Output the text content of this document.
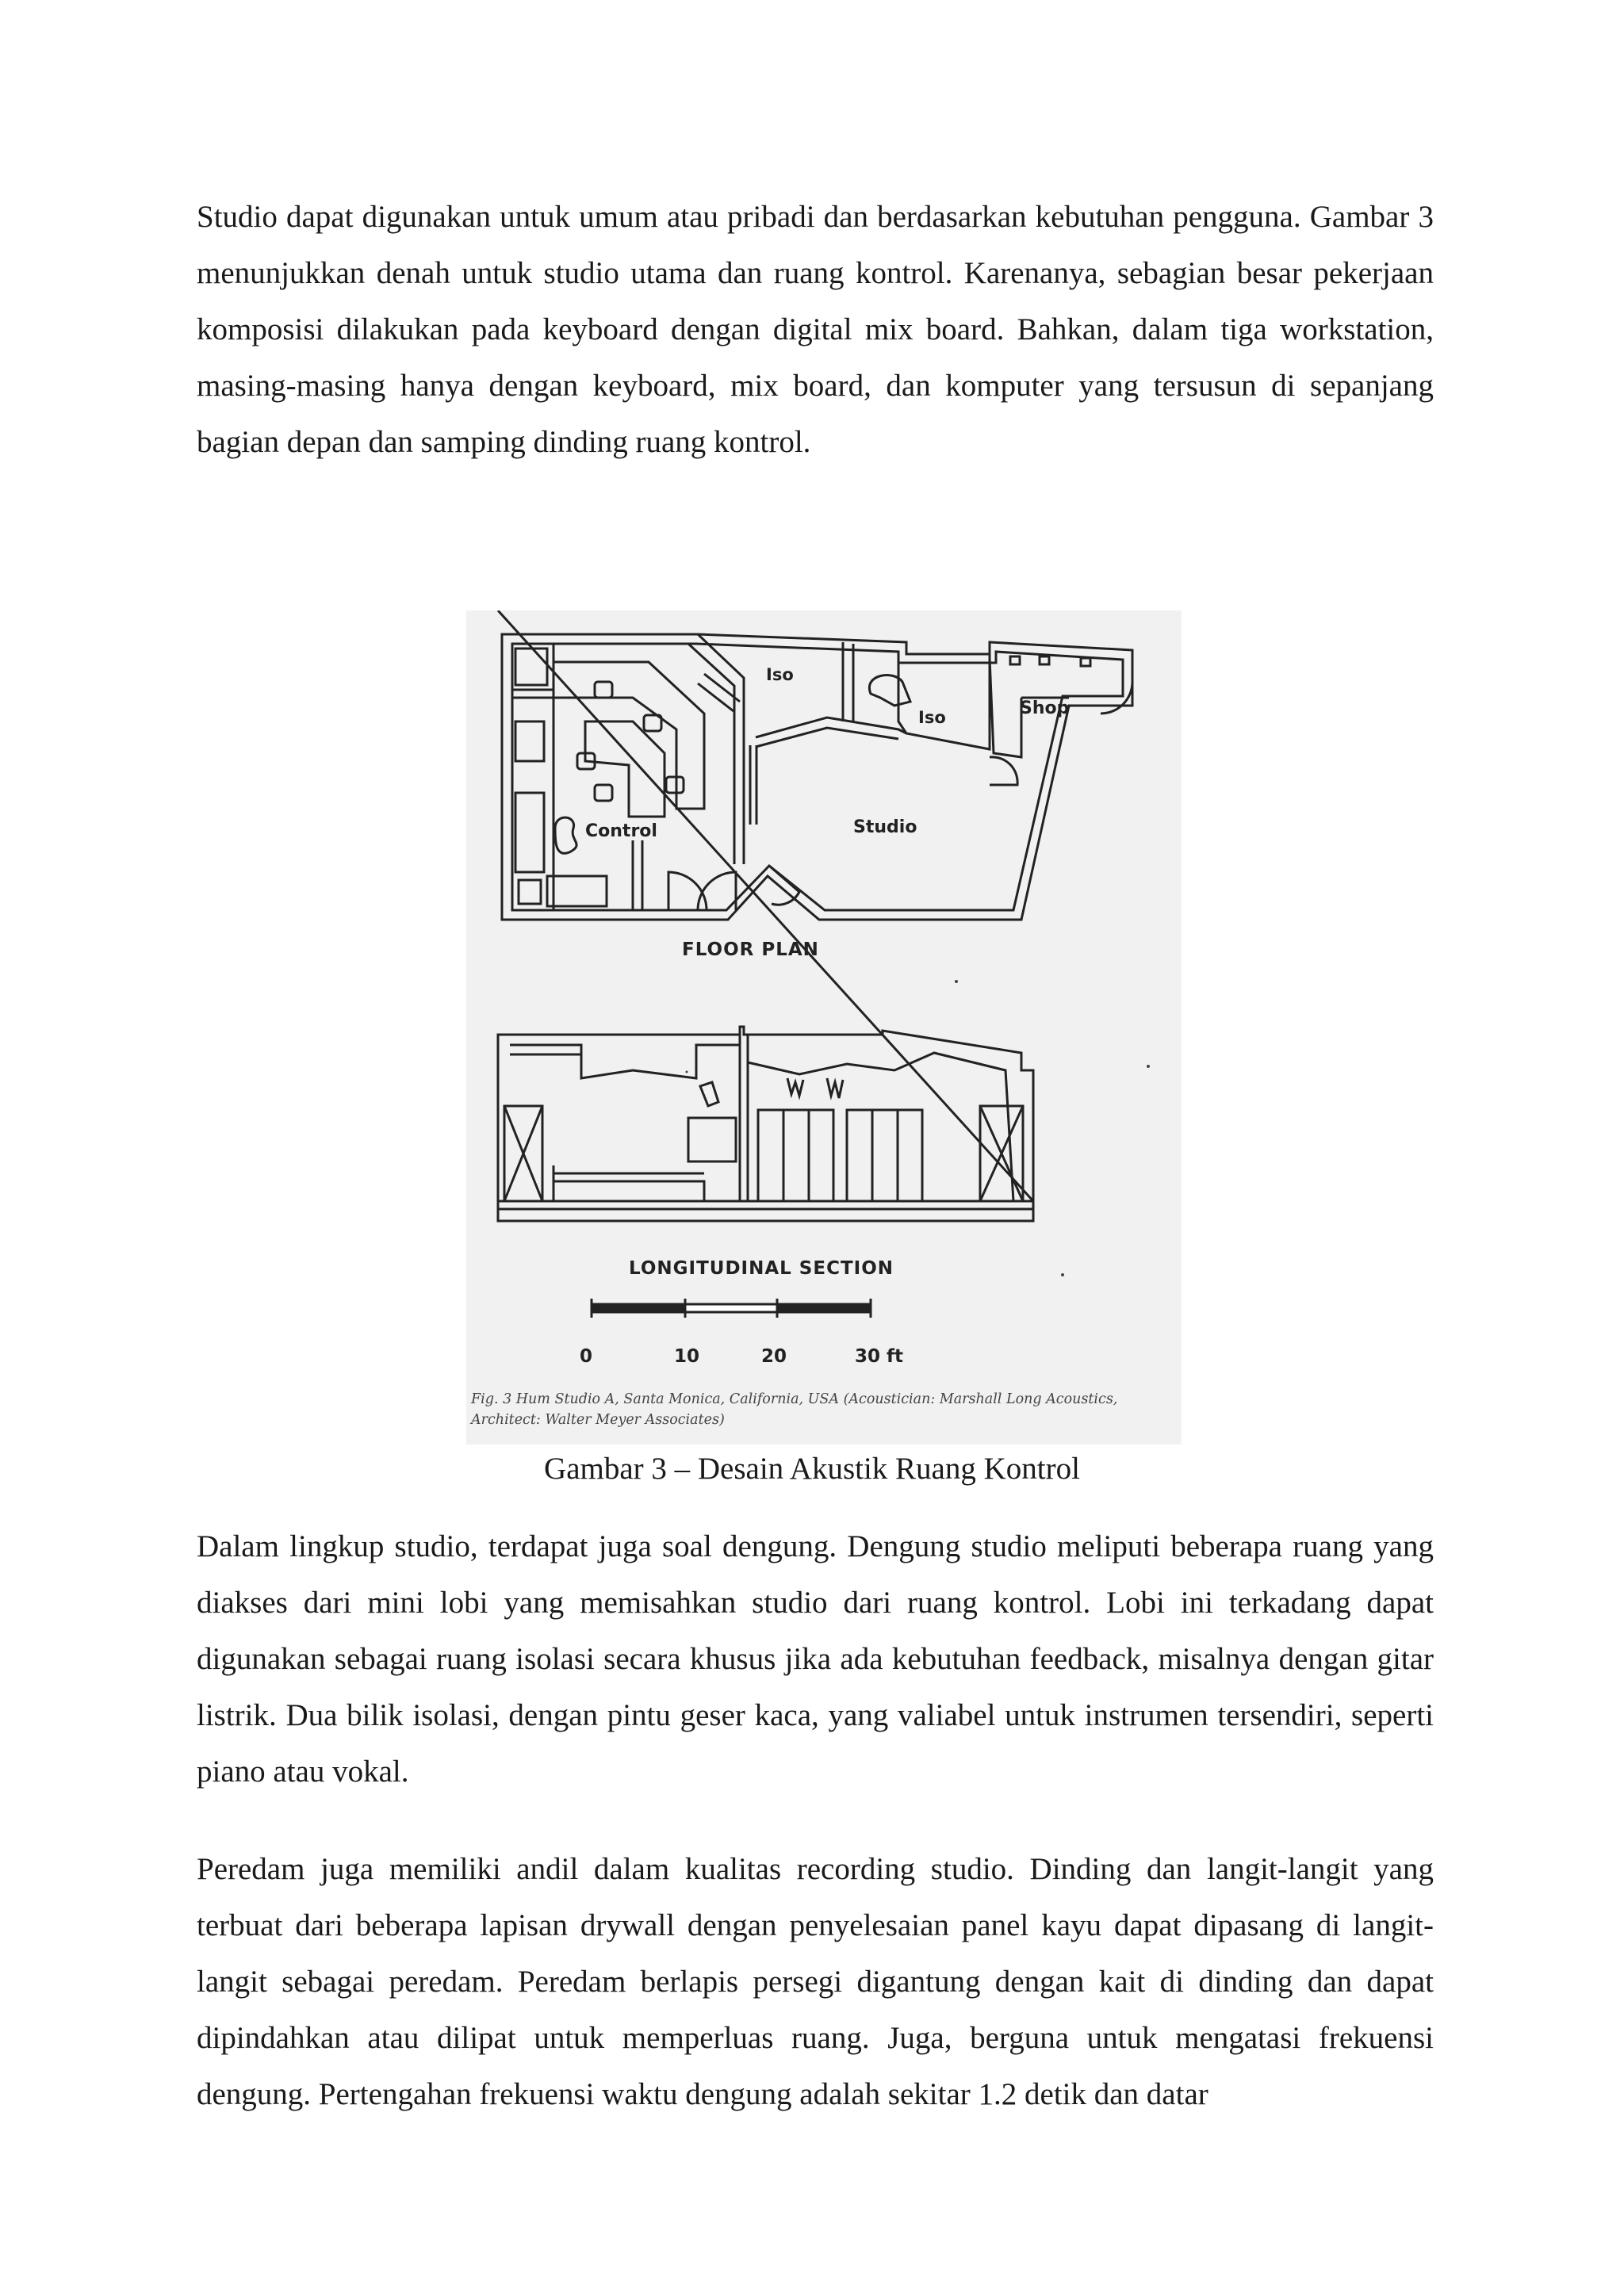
Studio dapat digunakan untuk umum atau pribadi dan berdasarkan kebutuhan pengguna. Gambar 3 menunjukkan denah untuk studio utama dan ruang kontrol. Karenanya, sebagian besar pekerjaan komposisi dilakukan pada keyboard dengan digital mix board. Bahkan, dalam tiga workstation, masing-masing hanya dengan keyboard, mix board, dan komputer yang tersusun di sepanjang bagian depan dan samping dinding ruang kontrol.

Iso
Iso	Shop
Control	Studio
FLOOR PLAN
LONGITUDINAL SECTION
0	10	20	30 ft
Fig. 3 Hum Studio A, Santa Monica, California, USA (Acoustician: Marshall Long Acoustics, Architect: Walter Meyer Associates)
Gambar 3 – Desain Akustik Ruang Kontrol

Dalam lingkup studio, terdapat juga soal dengung. Dengung studio meliputi beberapa ruang yang diakses dari mini lobi yang memisahkan studio dari ruang kontrol. Lobi ini terkadang dapat digunakan sebagai ruang isolasi secara khusus jika ada kebutuhan feedback, misalnya dengan gitar listrik. Dua bilik isolasi, dengan pintu geser kaca, yang valiabel untuk instrumen tersendiri, seperti piano atau vokal.

Peredam juga memiliki andil dalam kualitas recording studio. Dinding dan langit-langit yang terbuat dari beberapa lapisan drywall dengan penyelesaian panel kayu dapat dipasang di langit-langit sebagai peredam. Peredam berlapis persegi digantung dengan kait di dinding dan dapat dipindahkan atau dilipat untuk memperluas ruang. Juga, berguna untuk mengatasi frekuensi dengung. Pertengahan frekuensi waktu dengung adalah sekitar 1.2 detik dan datar
